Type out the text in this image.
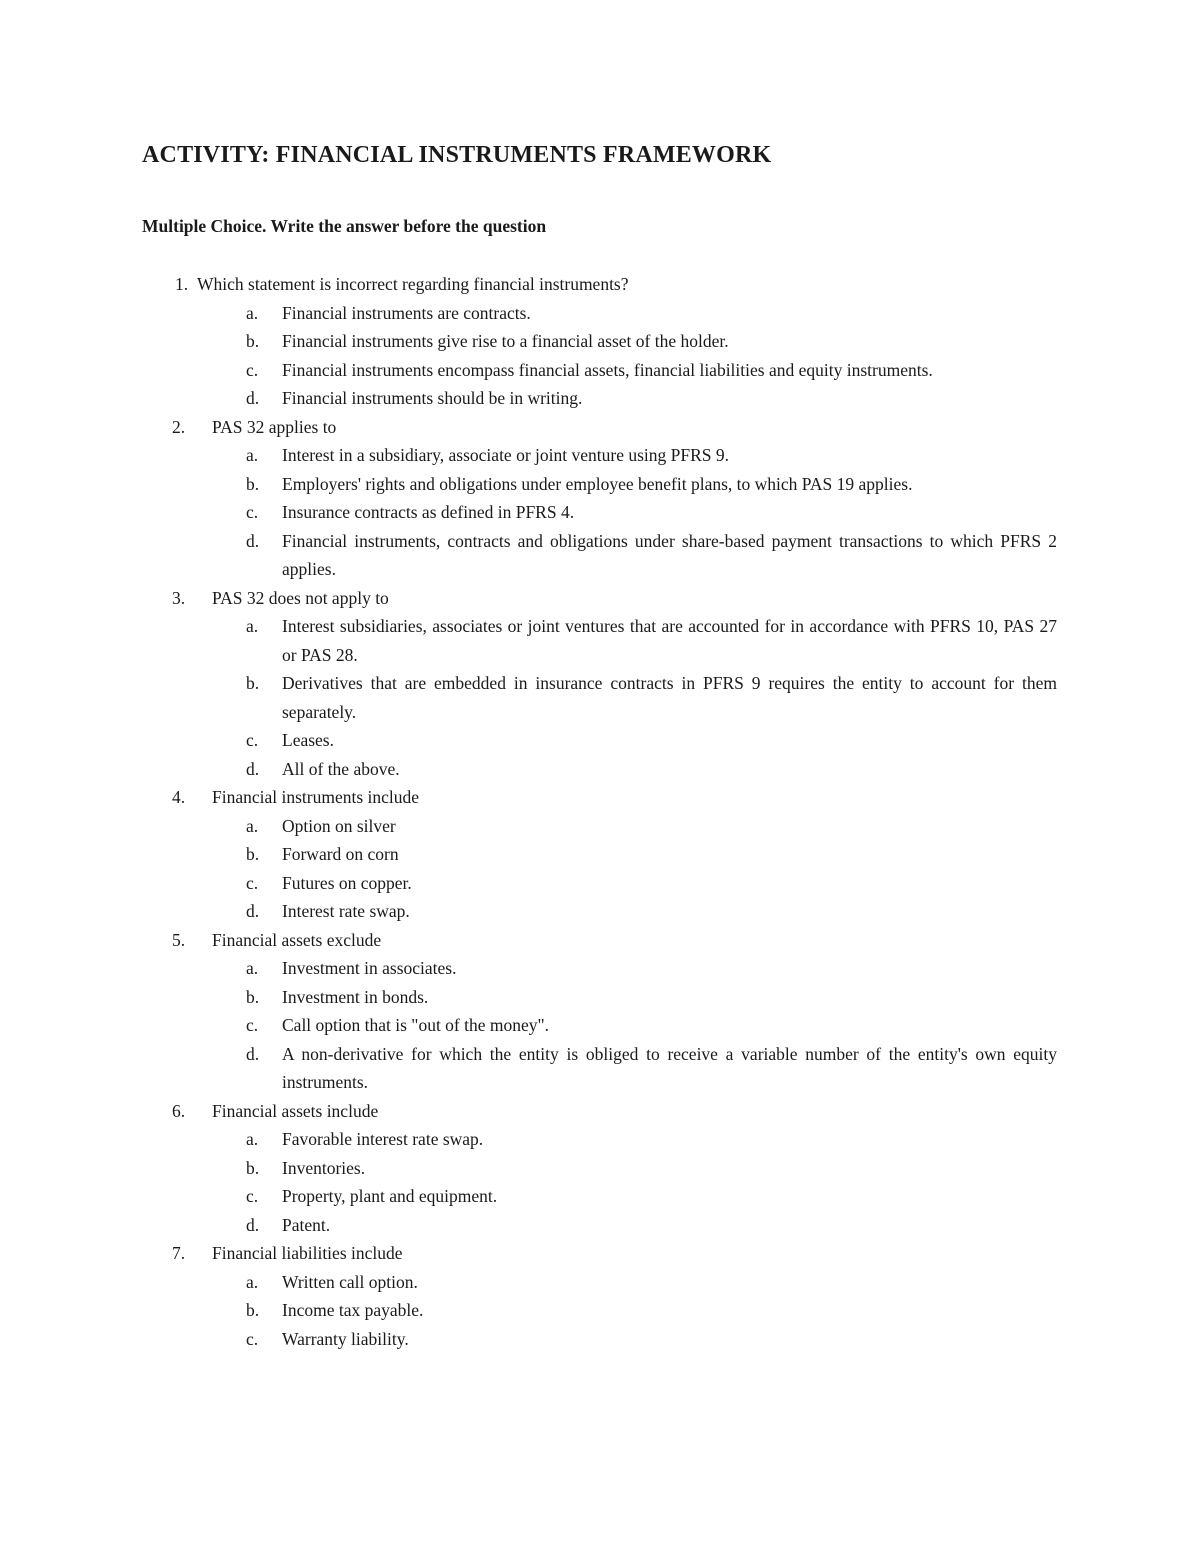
ACTIVITY: FINANCIAL INSTRUMENTS FRAMEWORK
Multiple Choice. Write the answer before the question
1. Which statement is incorrect regarding financial instruments?
a. Financial instruments are contracts.
b. Financial instruments give rise to a financial asset of the holder.
c. Financial instruments encompass financial assets, financial liabilities and equity instruments.
d. Financial instruments should be in writing.
2. PAS 32 applies to
a. Interest in a subsidiary, associate or joint venture using PFRS 9.
b. Employers' rights and obligations under employee benefit plans, to which PAS 19 applies.
c. Insurance contracts as defined in PFRS 4.
d. Financial instruments, contracts and obligations under share-based payment transactions to which PFRS 2 applies.
3. PAS 32 does not apply to
a. Interest subsidiaries, associates or joint ventures that are accounted for in accordance with PFRS 10, PAS 27 or PAS 28.
b. Derivatives that are embedded in insurance contracts in PFRS 9 requires the entity to account for them separately.
c. Leases.
d. All of the above.
4. Financial instruments include
a. Option on silver
b. Forward on corn
c. Futures on copper.
d. Interest rate swap.
5. Financial assets exclude
a. Investment in associates.
b. Investment in bonds.
c. Call option that is "out of the money".
d. A non-derivative for which the entity is obliged to receive a variable number of the entity's own equity instruments.
6. Financial assets include
a. Favorable interest rate swap.
b. Inventories.
c. Property, plant and equipment.
d. Patent.
7. Financial liabilities include
a. Written call option.
b. Income tax payable.
c. Warranty liability.
